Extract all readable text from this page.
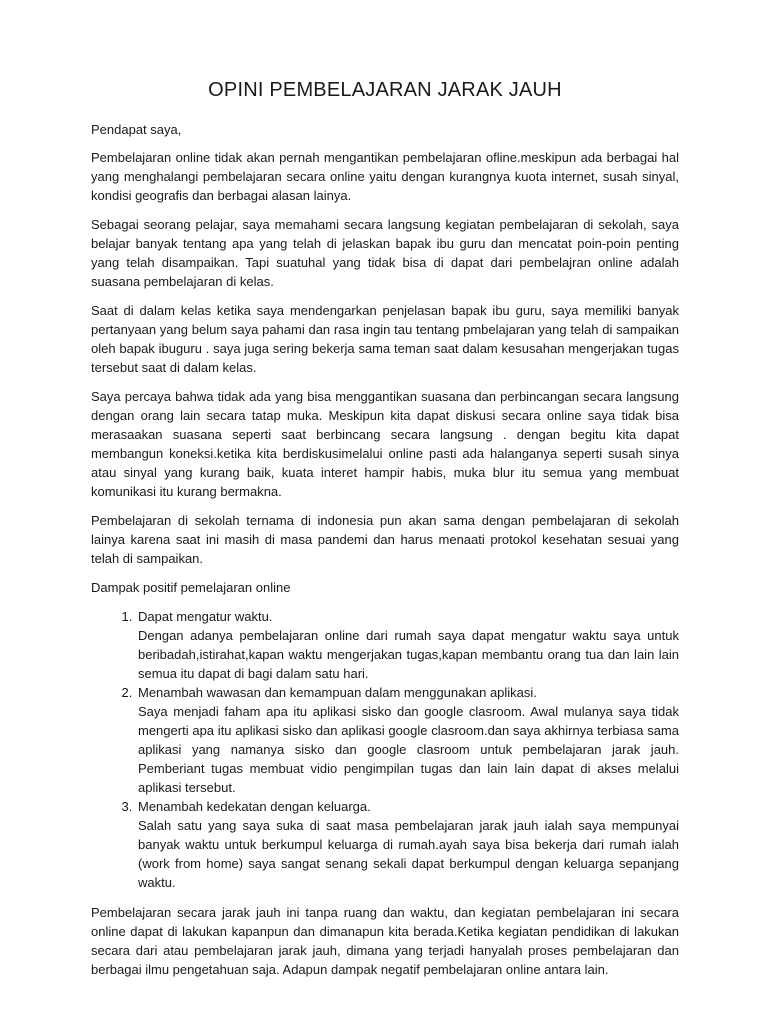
OPINI PEMBELAJARAN JARAK JAUH

Pendapat saya,

Pembelajaran online tidak akan pernah mengantikan pembelajaran ofline.meskipun ada berbagai hal yang menghalangi pembelajaran secara online yaitu dengan kurangnya kuota internet, susah sinyal, kondisi geografis dan berbagai alasan lainya.

Sebagai seorang pelajar, saya memahami secara langsung kegiatan pembelajaran di sekolah, saya belajar banyak tentang apa yang telah di jelaskan bapak ibu guru dan mencatat poin-poin penting yang telah disampaikan. Tapi suatuhal yang tidak bisa di dapat dari pembelajran online adalah suasana pembelajaran di kelas.

Saat di dalam kelas ketika saya mendengarkan penjelasan bapak ibu guru, saya memiliki banyak pertanyaan yang belum saya pahami dan rasa ingin tau tentang pmbelajaran yang telah di sampaikan oleh bapak ibuguru . saya juga sering bekerja sama teman saat dalam kesusahan mengerjakan tugas tersebut saat di dalam kelas.

Saya percaya bahwa tidak ada yang bisa menggantikan suasana dan perbincangan secara langsung dengan orang lain secara tatap muka. Meskipun kita dapat diskusi secara online saya tidak bisa merasaakan suasana seperti saat berbincang secara langsung . dengan begitu kita dapat membangun koneksi.ketika kita berdiskusimelalui online pasti ada halanganya seperti susah sinya atau sinyal yang kurang baik, kuata interet hampir habis, muka blur itu semua yang membuat komunikasi itu kurang bermakna.

Pembelajaran di sekolah ternama di indonesia pun akan sama dengan pembelajaran di sekolah lainya karena saat ini masih di masa pandemi dan harus menaati protokol kesehatan sesuai yang telah di sampaikan.

Dampak positif pemelajaran online

1. Dapat mengatur waktu.
Dengan adanya pembelajaran online dari rumah saya dapat mengatur waktu saya untuk beribadah,istirahat,kapan waktu mengerjakan tugas,kapan membantu orang tua dan lain lain semua itu dapat di bagi dalam satu hari.
2. Menambah wawasan dan kemampuan dalam menggunakan aplikasi.
Saya menjadi faham apa itu aplikasi sisko dan google clasroom. Awal mulanya saya tidak mengerti apa itu aplikasi sisko dan aplikasi google clasroom.dan saya akhirnya terbiasa sama aplikasi yang namanya sisko dan google clasroom untuk pembelajaran jarak jauh. Pemberiant tugas membuat vidio pengimpilan tugas dan lain lain dapat di akses melalui aplikasi tersebut.
3. Menambah kedekatan dengan keluarga.
Salah satu yang saya suka di saat masa pembelajaran jarak jauh ialah saya mempunyai banyak waktu untuk berkumpul keluarga di rumah.ayah saya bisa bekerja dari rumah ialah (work from home) saya sangat senang sekali dapat berkumpul dengan keluarga sepanjang waktu.

Pembelajaran secara jarak jauh ini tanpa ruang dan waktu, dan kegiatan pembelajaran ini secara online dapat di lakukan kapanpun dan dimanapun kita berada.Ketika kegiatan pendidikan di lakukan secara dari atau pembelajaran jarak jauh, dimana yang terjadi hanyalah proses pembelajaran dan berbagai ilmu pengetahuan saja. Adapun dampak negatif pembelajaran online antara lain.
